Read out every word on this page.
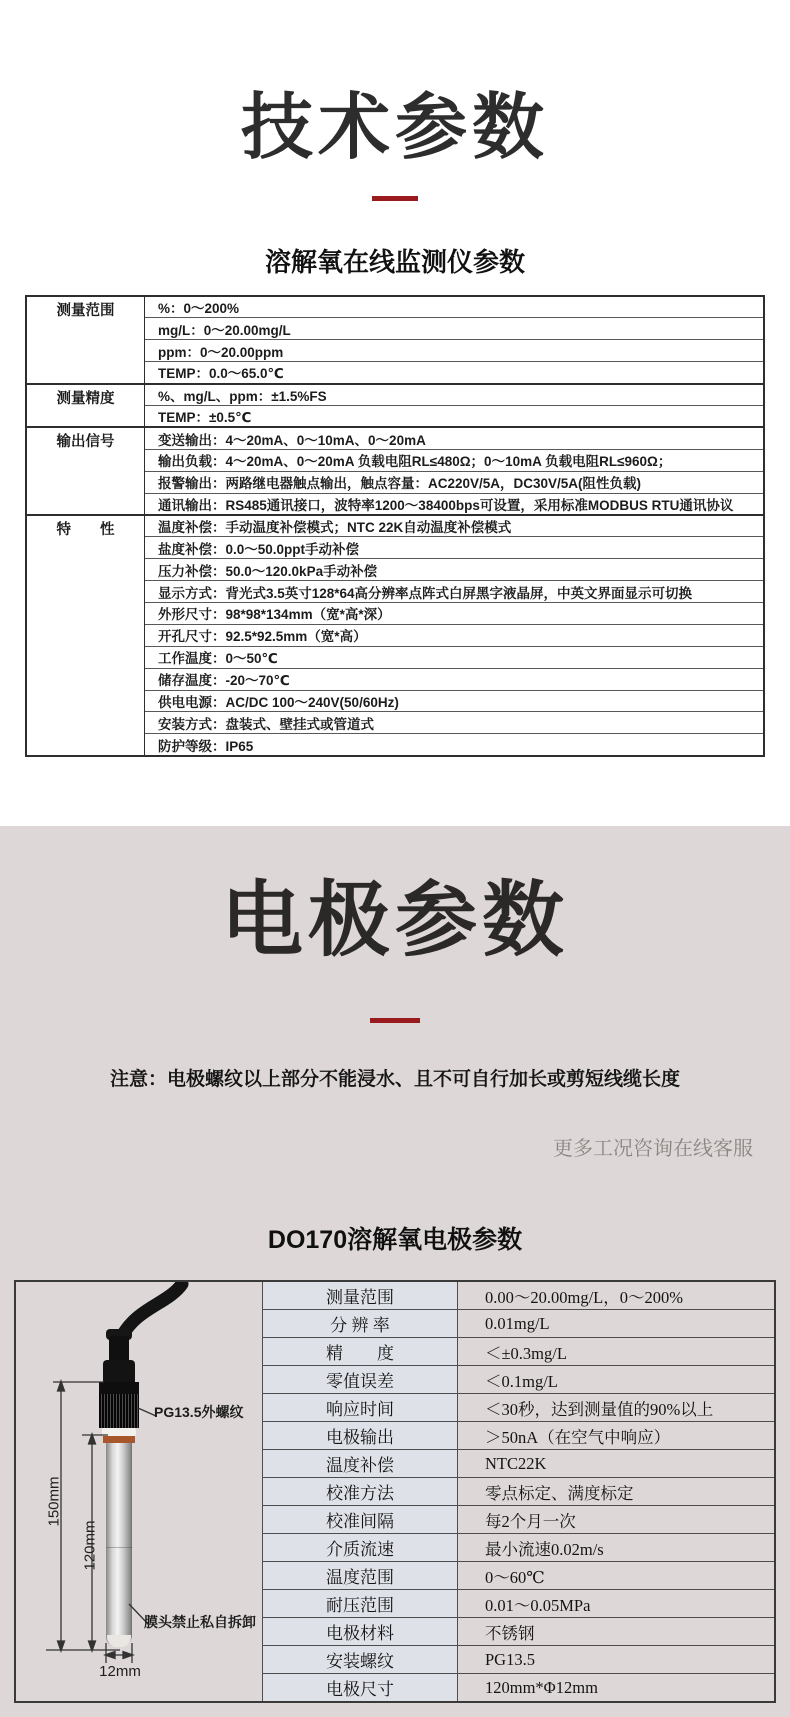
技术参数
溶解氧在线监测仪参数
测量范围	%：0～200%
	mg/L：0～20.00mg/L
	ppm：0～20.00ppm
	TEMP：0.0～65.0℃
测量精度	%、mg/L、ppm：±1.5%FS
	TEMP：±0.5℃
输出信号	变送输出：4～20mA、0～10mA、0～20mA
	输出负载：4～20mA、0～20mA 负载电阻RL≤480Ω；0～10mA 负载电阻RL≤960Ω；
	报警输出：两路继电器触点输出，触点容量：AC220V/5A，DC30V/5A(阻性负载)
	通讯输出：RS485通讯接口，波特率1200～38400bps可设置，采用标准MODBUS RTU通讯协议
特　　性	温度补偿：手动温度补偿模式；NTC 22K自动温度补偿模式
	盐度补偿：0.0～50.0ppt手动补偿
	压力补偿：50.0～120.0kPa手动补偿
	显示方式：背光式3.5英寸128*64高分辨率点阵式白屏黑字液晶屏，中英文界面显示可切换
	外形尺寸：98*98*134mm（宽*高*深）
	开孔尺寸：92.5*92.5mm（宽*高）
	工作温度：0～50℃
	储存温度：-20～70℃
	供电电源：AC/DC 100～240V(50/60Hz)
	安装方式：盘装式、壁挂式或管道式
	防护等级：IP65
电极参数
注意：电极螺纹以上部分不能浸水、且不可自行加长或剪短线缆长度
更多工况咨询在线客服
DO170溶解氧电极参数
PG13.5外螺纹
膜头禁止私自拆卸
150mm
120mm
12mm	测量范围	0.00～20.00mg/L，0～200%
	分 辨 率	0.01mg/L
	精　　度	＜±0.3mg/L
	零值误差	＜0.1mg/L
	响应时间	＜30秒，达到测量值的90%以上
	电极输出	＞50nA（在空气中响应）
	温度补偿	NTC22K
	校准方法	零点标定、满度标定
	校准间隔	每2个月一次
	介质流速	最小流速0.02m/s
	温度范围	0～60℃
	耐压范围	0.01～0.05MPa
	电极材料	不锈钢
	安装螺纹	PG13.5
	电极尺寸	120mm*Φ12mm
